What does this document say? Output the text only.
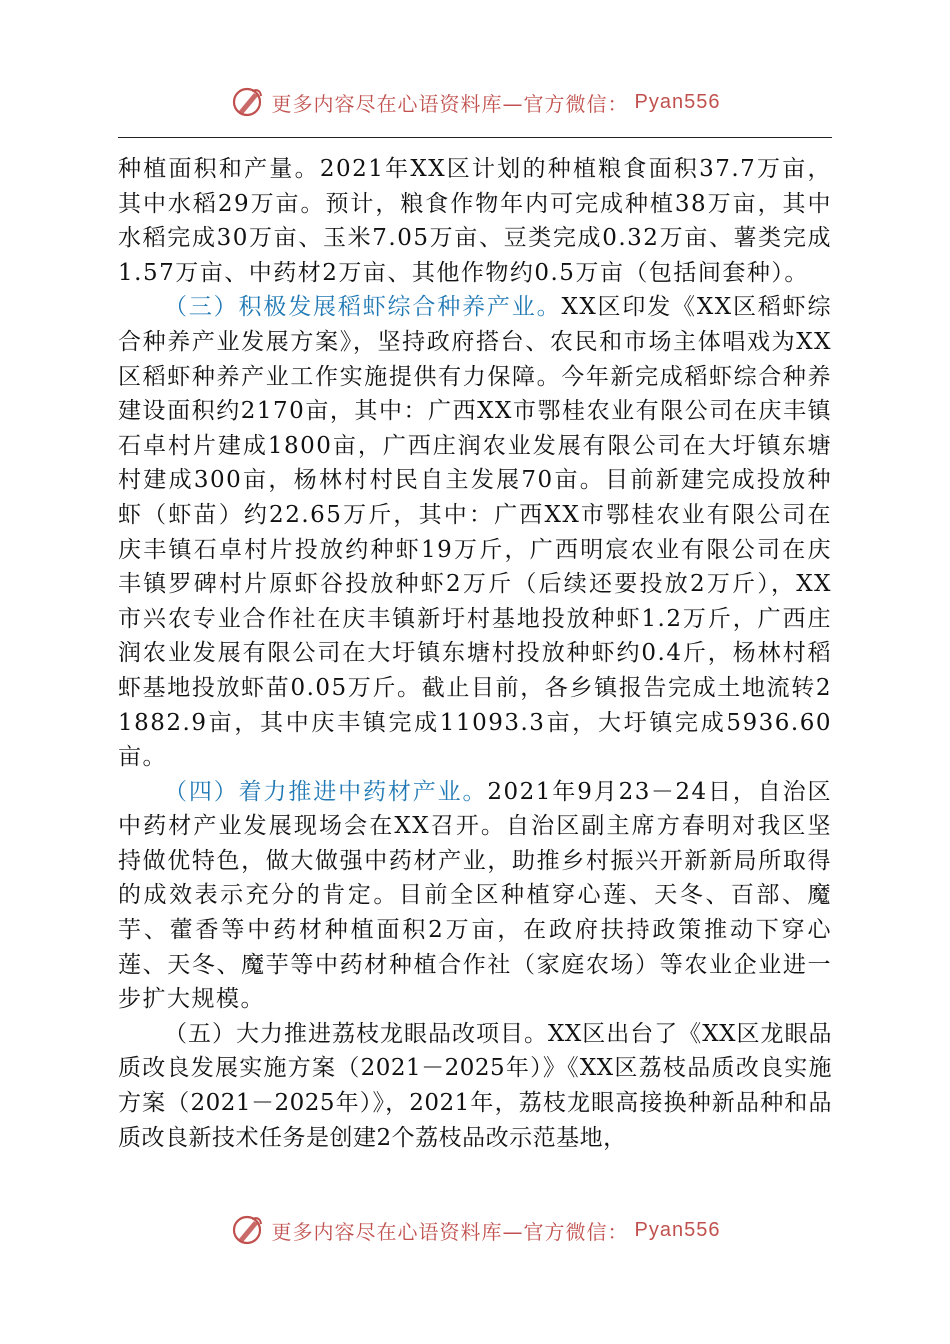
更多内容尽在心语资料库—官方微信： Pyan556

种植面积和产量。2021年XX区计划的种植粮食面积37.7万亩，其中水稻29万亩。预计，粮食作物年内可完成种植38万亩，其中水稻完成30万亩、玉米7.05万亩、豆类完成0.32万亩、薯类完成1.57万亩、中药材2万亩、其他作物约0.5万亩（包括间套种）。

（三）积极发展稻虾综合种养产业。XX区印发《XX区稻虾综合种养产业发展方案》，坚持政府搭台、农民和市场主体唱戏为XX区稻虾种养产业工作实施提供有力保障。今年新完成稻虾综合种养建设面积约2170亩，其中：广西XX市鄂桂农业有限公司在庆丰镇石卓村片建成1800亩，广西庄润农业发展有限公司在大圩镇东塘村建成300亩，杨林村村民自主发展70亩。目前新建完成投放种虾（虾苗）约22.65万斤，其中：广西XX市鄂桂农业有限公司在庆丰镇石卓村片投放约种虾19万斤，广西明宸农业有限公司在庆丰镇罗碑村片原虾谷投放种虾2万斤（后续还要投放2万斤），XX市兴农专业合作社在庆丰镇新圩村基地投放种虾1.2万斤，广西庄润农业发展有限公司在大圩镇东塘村投放种虾约0.4斤，杨林村稻虾基地投放虾苗0.05万斤。截止目前，各乡镇报告完成土地流转21882.9亩，其中庆丰镇完成11093.3亩，大圩镇完成5936.60亩。

（四）着力推进中药材产业。2021年9月23－24日，自治区中药材产业发展现场会在XX召开。自治区副主席方春明对我区坚持做优特色，做大做强中药材产业，助推乡村振兴开新新局所取得的成效表示充分的肯定。目前全区种植穿心莲、天冬、百部、魔芋、藿香等中药材种植面积2万亩，在政府扶持政策推动下穿心莲、天冬、魔芋等中药材种植合作社（家庭农场）等农业企业进一步扩大规模。

（五）大力推进荔枝龙眼品改项目。XX区出台了《XX区龙眼品质改良发展实施方案（2021－2025年）》《XX区荔枝品质改良实施方案（2021－2025年）》，2021年，荔枝龙眼高接换种新品种和品质改良新技术任务是创建2个荔枝品改示范基地，

更多内容尽在心语资料库—官方微信： Pyan556
